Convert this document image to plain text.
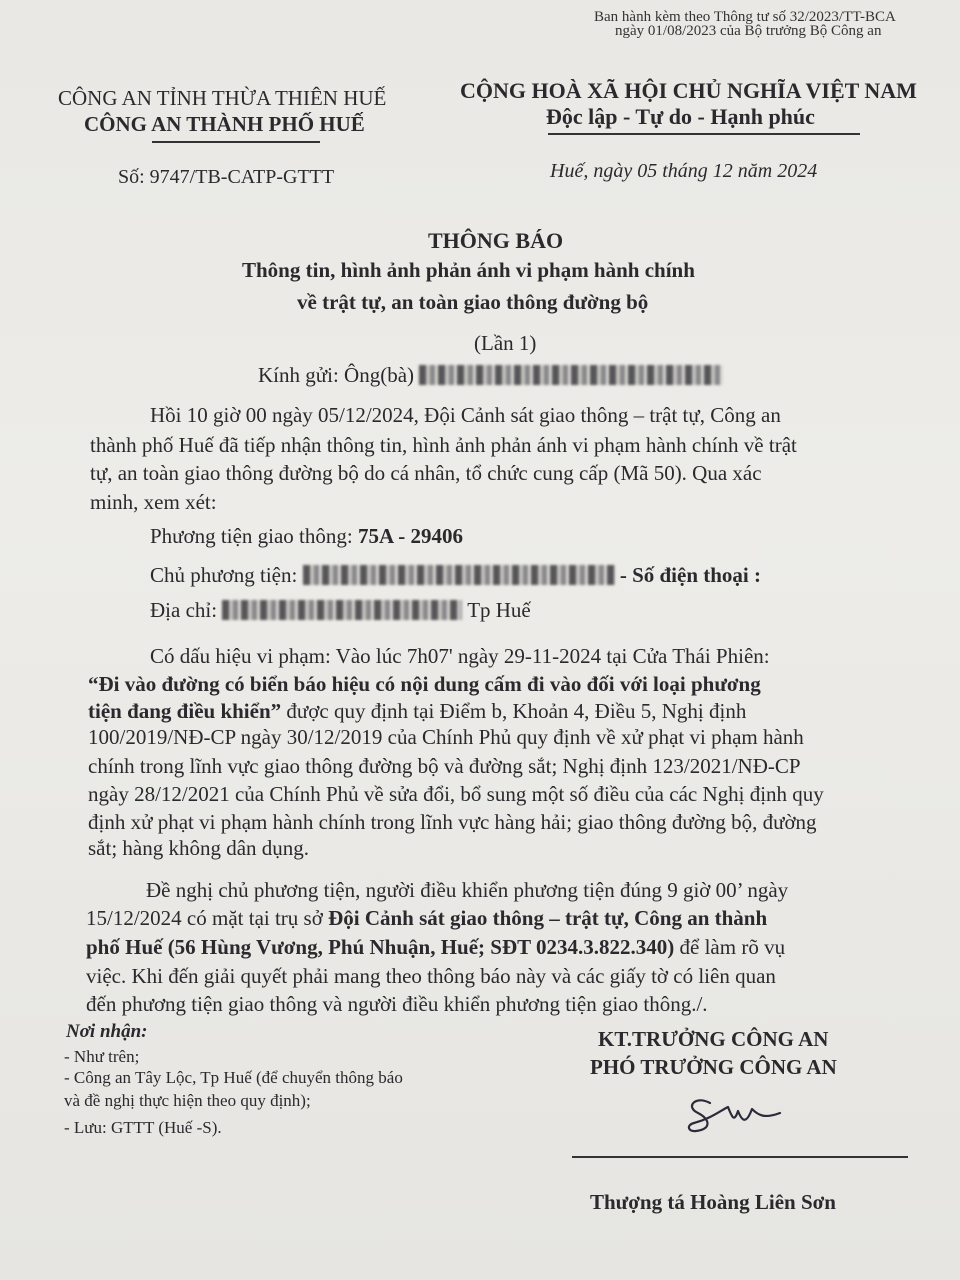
Ban hành kèm theo Thông tư số 32/2023/TT-BCA
ngày 01/08/2023 của Bộ trưởng Bộ Công an
CÔNG AN TỈNH THỪA THIÊN HUẾ
CÔNG AN THÀNH PHỐ HUẾ
Số: 9747/TB-CATP-GTTT
CỘNG HOÀ XÃ HỘI CHỦ NGHĨA VIỆT NAM
Độc lập - Tự do - Hạnh phúc
Huế, ngày 05 tháng 12 năm 2024
THÔNG BÁO
Thông tin, hình ảnh phản ánh vi phạm hành chính
về trật tự, an toàn giao thông đường bộ
(Lần 1)
Kính gửi: Ông(bà)
Hồi 10 giờ 00 ngày 05/12/2024, Đội Cảnh sát giao thông – trật tự, Công an
thành phố Huế đã tiếp nhận thông tin, hình ảnh phản ánh vi phạm hành chính về trật
tự, an toàn giao thông đường bộ do cá nhân, tổ chức cung cấp (Mã 50). Qua xác
minh, xem xét:
Phương tiện giao thông: 75A - 29406
Chủ phương tiện:	- Số điện thoại :
Địa chỉ:	Tp Huế
Có dấu hiệu vi phạm: Vào lúc 7h07' ngày 29-11-2024 tại Cửa Thái Phiên:
“Đi vào đường có biển báo hiệu có nội dung cấm đi vào đối với loại phương
tiện đang điều khiển” được quy định tại Điểm b, Khoản 4, Điều 5, Nghị định
100/2019/NĐ-CP ngày 30/12/2019 của Chính Phủ quy định về xử phạt vi phạm hành
chính trong lĩnh vực giao thông đường bộ và đường sắt; Nghị định 123/2021/NĐ-CP
ngày 28/12/2021 của Chính Phủ về sửa đổi, bổ sung một số điều của các Nghị định quy
định xử phạt vi phạm hành chính trong lĩnh vực hàng hải; giao thông đường bộ, đường
sắt; hàng không dân dụng.
Đề nghị chủ phương tiện, người điều khiển phương tiện đúng 9 giờ 00’ ngày
15/12/2024 có mặt tại trụ sở Đội Cảnh sát giao thông – trật tự, Công an thành
phố Huế (56 Hùng Vương, Phú Nhuận, Huế; SĐT 0234.3.822.340) để làm rõ vụ
việc. Khi đến giải quyết phải mang theo thông báo này và các giấy tờ có liên quan
đến phương tiện giao thông và người điều khiển phương tiện giao thông./.
Nơi nhận:
- Như trên;
- Công an Tây Lộc, Tp Huế (để chuyển thông báo
và đề nghị thực hiện theo quy định);
- Lưu: GTTT (Huế -S).
KT.TRƯỞNG CÔNG AN
PHÓ TRƯỞNG CÔNG AN
Thượng tá Hoàng Liên Sơn
